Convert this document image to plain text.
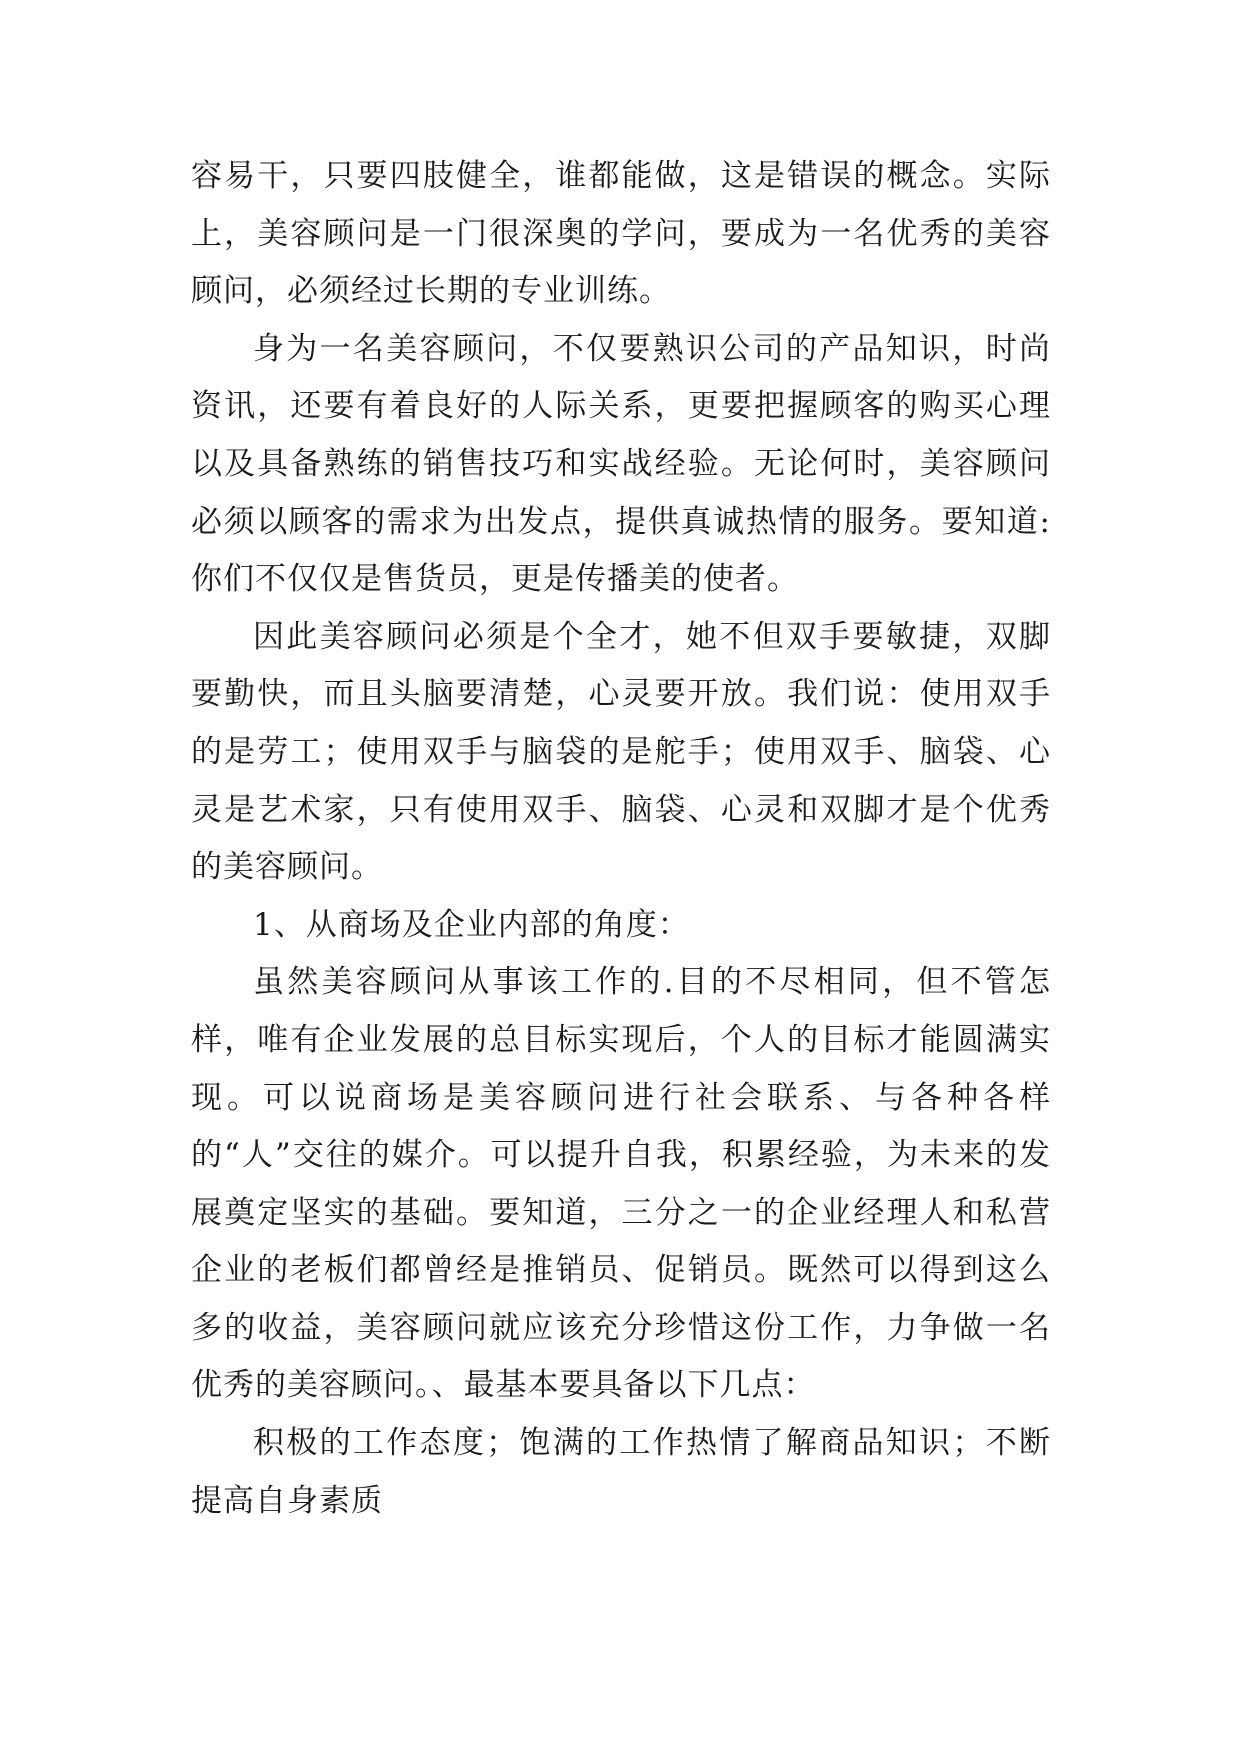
容易干，只要四肢健全，谁都能做，这是错误的概念。实际上，美容顾问是一门很深奥的学问，要成为一名优秀的美容顾问，必须经过长期的专业训练。

身为一名美容顾问，不仅要熟识公司的产品知识，时尚资讯，还要有着良好的人际关系，更要把握顾客的购买心理以及具备熟练的销售技巧和实战经验。无论何时，美容顾问必须以顾客的需求为出发点，提供真诚热情的服务。要知道:你们不仅仅是售货员，更是传播美的使者。

因此美容顾问必须是个全才，她不但双手要敏捷，双脚要勤快，而且头脑要清楚，心灵要开放。我们说：使用双手的是劳工；使用双手与脑袋的是舵手；使用双手、脑袋、心灵是艺术家，只有使用双手、脑袋、心灵和双脚才是个优秀的美容顾问。

1、从商场及企业内部的角度：

虽然美容顾问从事该工作的.目的不尽相同，但不管怎样，唯有企业发展的总目标实现后，个人的目标才能圆满实现。可以说商场是美容顾问进行社会联系、与各种各样的“人”交往的媒介。可以提升自我，积累经验，为未来的发展奠定坚实的基础。要知道，三分之一的企业经理人和私营企业的老板们都曾经是推销员、促销员。既然可以得到这么多的收益，美容顾问就应该充分珍惜这份工作，力争做一名优秀的美容顾问。、最基本要具备以下几点：

积极的工作态度；饱满的工作热情了解商品知识；不断提高自身素质
